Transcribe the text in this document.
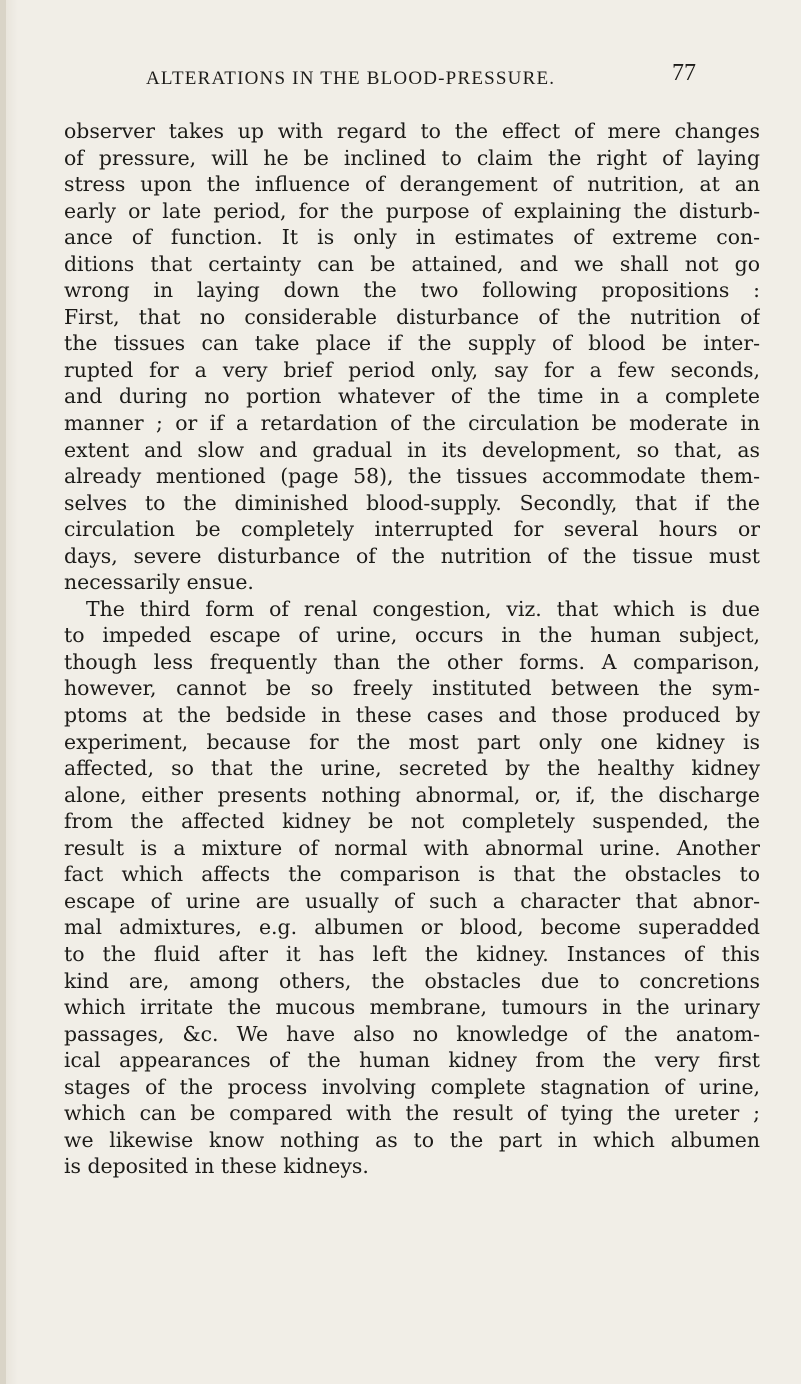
ALTERATIONS IN THE BLOOD-PRESSURE.	77
observer takes up with regard to the effect of mere changes
of pressure, will he be inclined to claim the right of laying
stress upon the influence of derangement of nutrition, at an
early or late period, for the purpose of explaining the disturb-
ance of function. It is only in estimates of extreme con-
ditions that certainty can be attained, and we shall not go
wrong in laying down the two following propositions :
First, that no considerable disturbance of the nutrition of
the tissues can take place if the supply of blood be inter-
rupted for a very brief period only, say for a few seconds,
and during no portion whatever of the time in a complete
manner ; or if a retardation of the circulation be moderate in
extent and slow and gradual in its development, so that, as
already mentioned (page 58), the tissues accommodate them-
selves to the diminished blood-supply. Secondly, that if the
circulation be completely interrupted for several hours or
days, severe disturbance of the nutrition of the tissue must
necessarily ensue.
The third form of renal congestion, viz. that which is due
to impeded escape of urine, occurs in the human subject,
though less frequently than the other forms. A comparison,
however, cannot be so freely instituted between the sym-
ptoms at the bedside in these cases and those produced by
experiment, because for the most part only one kidney is
affected, so that the urine, secreted by the healthy kidney
alone, either presents nothing abnormal, or, if, the discharge
from the affected kidney be not completely suspended, the
result is a mixture of normal with abnormal urine. Another
fact which affects the comparison is that the obstacles to
escape of urine are usually of such a character that abnor-
mal admixtures, e.g. albumen or blood, become superadded
to the fluid after it has left the kidney. Instances of this
kind are, among others, the obstacles due to concretions
which irritate the mucous membrane, tumours in the urinary
passages, &c. We have also no knowledge of the anatom-
ical appearances of the human kidney from the very first
stages of the process involving complete stagnation of urine,
which can be compared with the result of tying the ureter ;
we likewise know nothing as to the part in which albumen
is deposited in these kidneys.
